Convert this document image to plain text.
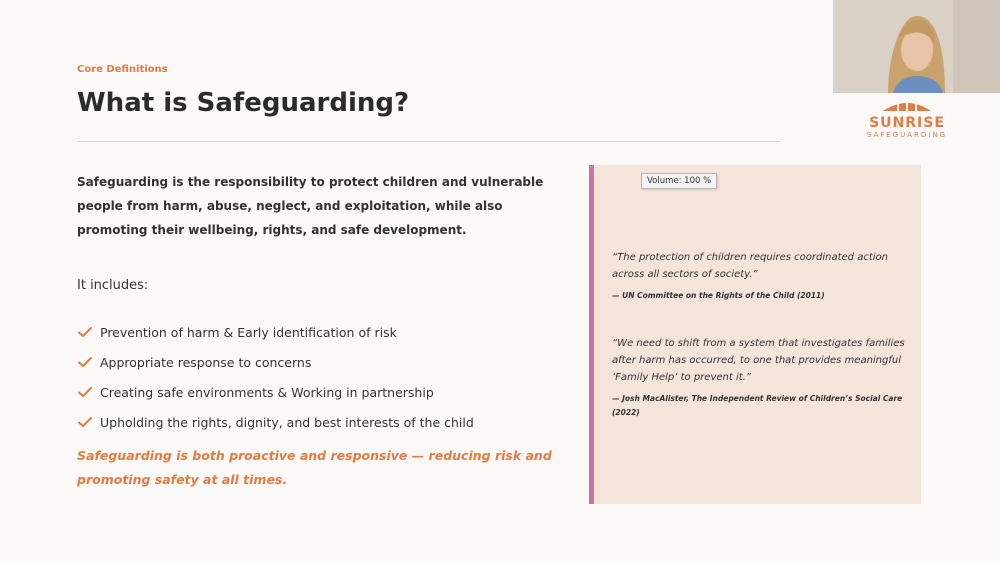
Core Definitions
What is Safeguarding?
Safeguarding is the responsibility to protect children and vulnerable people from harm, abuse, neglect, and exploitation, while also promoting their wellbeing, rights, and safe development.
It includes:
Prevention of harm & Early identification of risk
Appropriate response to concerns
Creating safe environments & Working in partnership
Upholding the rights, dignity, and best interests of the child
Safeguarding is both proactive and responsive — reducing risk and promoting safety at all times.
Volume: 100 %
“The protection of children requires coordinated action across all sectors of society.”
— UN Committee on the Rights of the Child (2011)
“We need to shift from a system that investigates families after harm has occurred, to one that provides meaningful ‘Family Help’ to prevent it.”
— Josh MacAlister, The Independent Review of Children’s Social Care (2022)
SUNRISE
SAFEGUARDING
